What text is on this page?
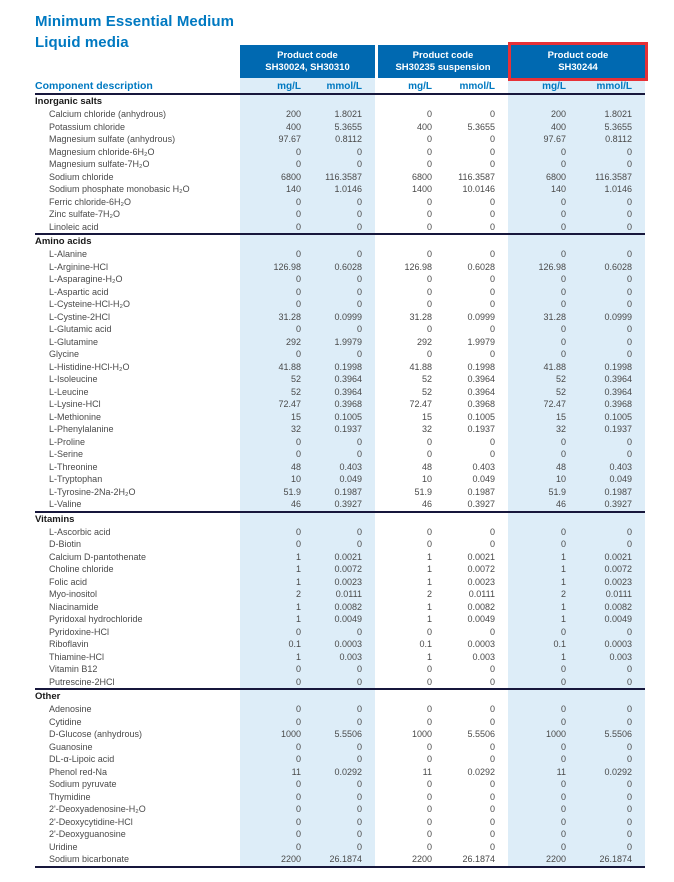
Minimum Essential Medium
Liquid media
Product code
SH30024, SH30310
Product code
SH30235 suspension
Product code
SH30244
Component description	mg/L	mmol/L	mg/L	mmol/L	mg/L	mmol/L
Inorganic salts
Calcium chloride (anhydrous)	200	1.8021	0	0	200	1.8021
Potassium chloride	400	5.3655	400	5.3655	400	5.3655
Magnesium sulfate (anhydrous)	97.67	0.8112	0	0	97.67	0.8112
Magnesium chloride-6H₂O	0	0	0	0	0	0
Magnesium sulfate-7H₂O	0	0	0	0	0	0
Sodium chloride	6800	116.3587	6800	116.3587	6800	116.3587
Sodium phosphate monobasic H₂O	140	1.0146	1400	10.0146	140	1.0146
Ferric chloride-6H₂O	0	0	0	0	0	0
Zinc sulfate-7H₂O	0	0	0	0	0	0
Linoleic acid	0	0	0	0	0	0
Amino acids
L-Alanine	0	0	0	0	0	0
L-Arginine-HCl	126.98	0.6028	126.98	0.6028	126.98	0.6028
L-Asparagine-H₂O	0	0	0	0	0	0
L-Aspartic acid	0	0	0	0	0	0
L-Cysteine-HCl-H₂O	0	0	0	0	0	0
L-Cystine-2HCl	31.28	0.0999	31.28	0.0999	31.28	0.0999
L-Glutamic acid	0	0	0	0	0	0
L-Glutamine	292	1.9979	292	1.9979	0	0
Glycine	0	0	0	0	0	0
L-Histidine-HCl-H₂O	41.88	0.1998	41.88	0.1998	41.88	0.1998
L-Isoleucine	52	0.3964	52	0.3964	52	0.3964
L-Leucine	52	0.3964	52	0.3964	52	0.3964
L-Lysine-HCl	72.47	0.3968	72.47	0.3968	72.47	0.3968
L-Methionine	15	0.1005	15	0.1005	15	0.1005
L-Phenylalanine	32	0.1937	32	0.1937	32	0.1937
L-Proline	0	0	0	0	0	0
L-Serine	0	0	0	0	0	0
L-Threonine	48	0.403	48	0.403	48	0.403
L-Tryptophan	10	0.049	10	0.049	10	0.049
L-Tyrosine-2Na-2H₂O	51.9	0.1987	51.9	0.1987	51.9	0.1987
L-Valine	46	0.3927	46	0.3927	46	0.3927
Vitamins
L-Ascorbic acid	0	0	0	0	0	0
D-Biotin	0	0	0	0	0	0
Calcium D-pantothenate	1	0.0021	1	0.0021	1	0.0021
Choline chloride	1	0.0072	1	0.0072	1	0.0072
Folic acid	1	0.0023	1	0.0023	1	0.0023
Myo-inositol	2	0.0111	2	0.0111	2	0.0111
Niacinamide	1	0.0082	1	0.0082	1	0.0082
Pyridoxal hydrochloride	1	0.0049	1	0.0049	1	0.0049
Pyridoxine-HCl	0	0	0	0	0	0
Riboflavin	0.1	0.0003	0.1	0.0003	0.1	0.0003
Thiamine-HCl	1	0.003	1	0.003	1	0.003
Vitamin B12	0	0	0	0	0	0
Putrescine-2HCl	0	0	0	0	0	0
Other
Adenosine	0	0	0	0	0	0
Cytidine	0	0	0	0	0	0
D-Glucose (anhydrous)	1000	5.5506	1000	5.5506	1000	5.5506
Guanosine	0	0	0	0	0	0
DL-α-Lipoic acid	0	0	0	0	0	0
Phenol red-Na	11	0.0292	11	0.0292	11	0.0292
Sodium pyruvate	0	0	0	0	0	0
Thymidine	0	0	0	0	0	0
2'-Deoxyadenosine-H₂O	0	0	0	0	0	0
2'-Deoxycytidine-HCl	0	0	0	0	0	0
2'-Deoxyguanosine	0	0	0	0	0	0
Uridine	0	0	0	0	0	0
Sodium bicarbonate	2200	26.1874	2200	26.1874	2200	26.1874
